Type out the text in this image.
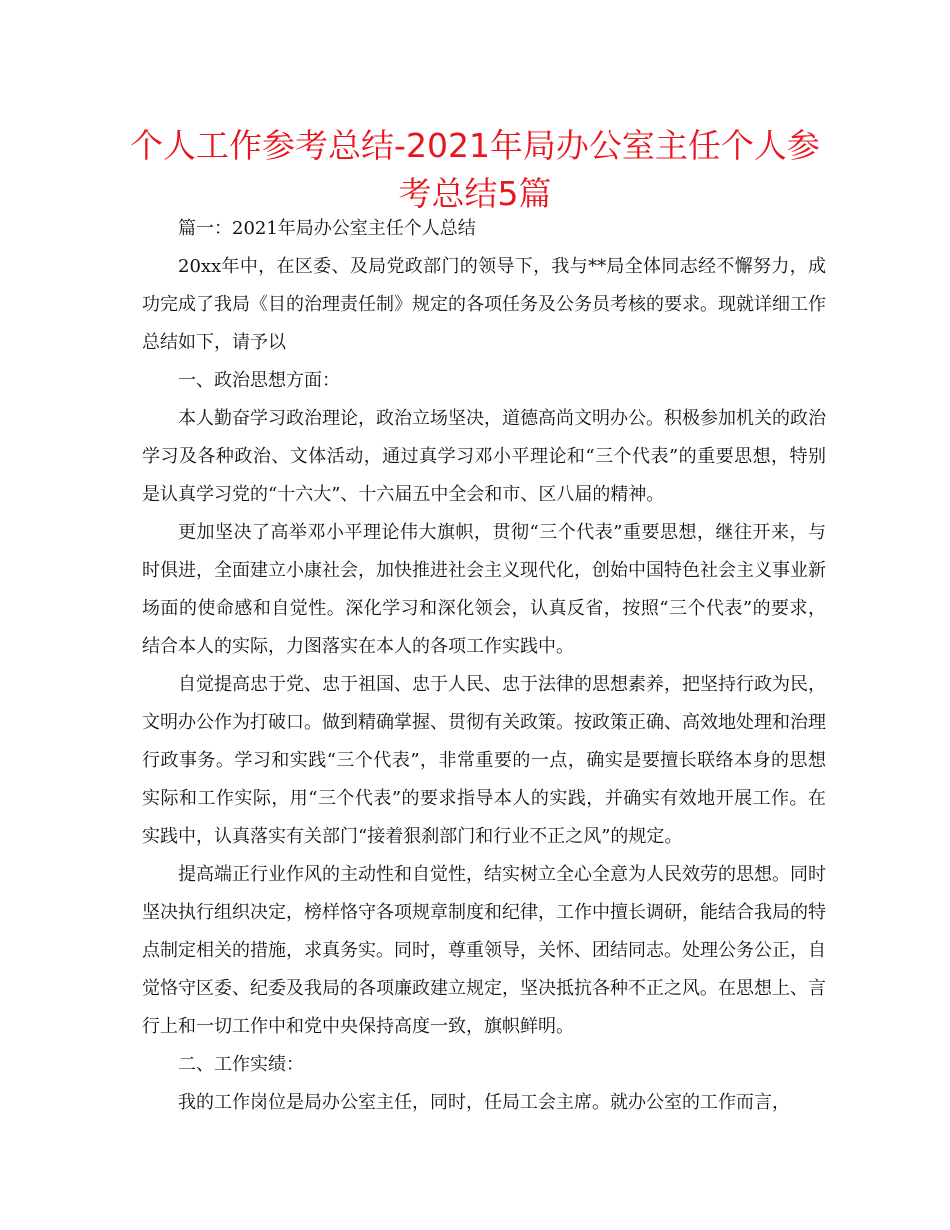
个人工作参考总结-2021年局办公室主任个人参考总结5篇

篇一：2021年局办公室主任个人总结

20xx年中，在区委、及局党政部门的领导下，我与**局全体同志经不懈努力，成功完成了我局《目的治理责任制》规定的各项任务及公务员考核的要求。现就详细工作总结如下，请予以

一、政治思想方面：

本人勤奋学习政治理论，政治立场坚决，道德高尚文明办公。积极参加机关的政治学习及各种政治、文体活动，通过真学习邓小平理论和“三个代表”的重要思想，特别是认真学习党的“十六大”、十六届五中全会和市、区八届的精神。

更加坚决了高举邓小平理论伟大旗帜，贯彻“三个代表”重要思想，继往开来，与时俱进，全面建立小康社会，加快推进社会主义现代化，创始中国特色社会主义事业新场面的使命感和自觉性。深化学习和深化领会，认真反省，按照“三个代表”的要求，结合本人的实际，力图落实在本人的各项工作实践中。

自觉提高忠于党、忠于祖国、忠于人民、忠于法律的思想素养，把坚持行政为民，文明办公作为打破口。做到精确掌握、贯彻有关政策。按政策正确、高效地处理和治理行政事务。学习和实践“三个代表”，非常重要的一点，确实是要擅长联络本身的思想实际和工作实际，用“三个代表”的要求指导本人的实践，并确实有效地开展工作。在实践中，认真落实有关部门“接着狠刹部门和行业不正之风”的规定。

提高端正行业作风的主动性和自觉性，结实树立全心全意为人民效劳的思想。同时坚决执行组织决定，榜样恪守各项规章制度和纪律，工作中擅长调研，能结合我局的特点制定相关的措施，求真务实。同时，尊重领导，关怀、团结同志。处理公务公正，自觉恪守区委、纪委及我局的各项廉政建立规定，坚决抵抗各种不正之风。在思想上、言行上和一切工作中和党中央保持高度一致，旗帜鲜明。

二、工作实绩：

我的工作岗位是局办公室主任，同时，任局工会主席。就办公室的工作而言，
